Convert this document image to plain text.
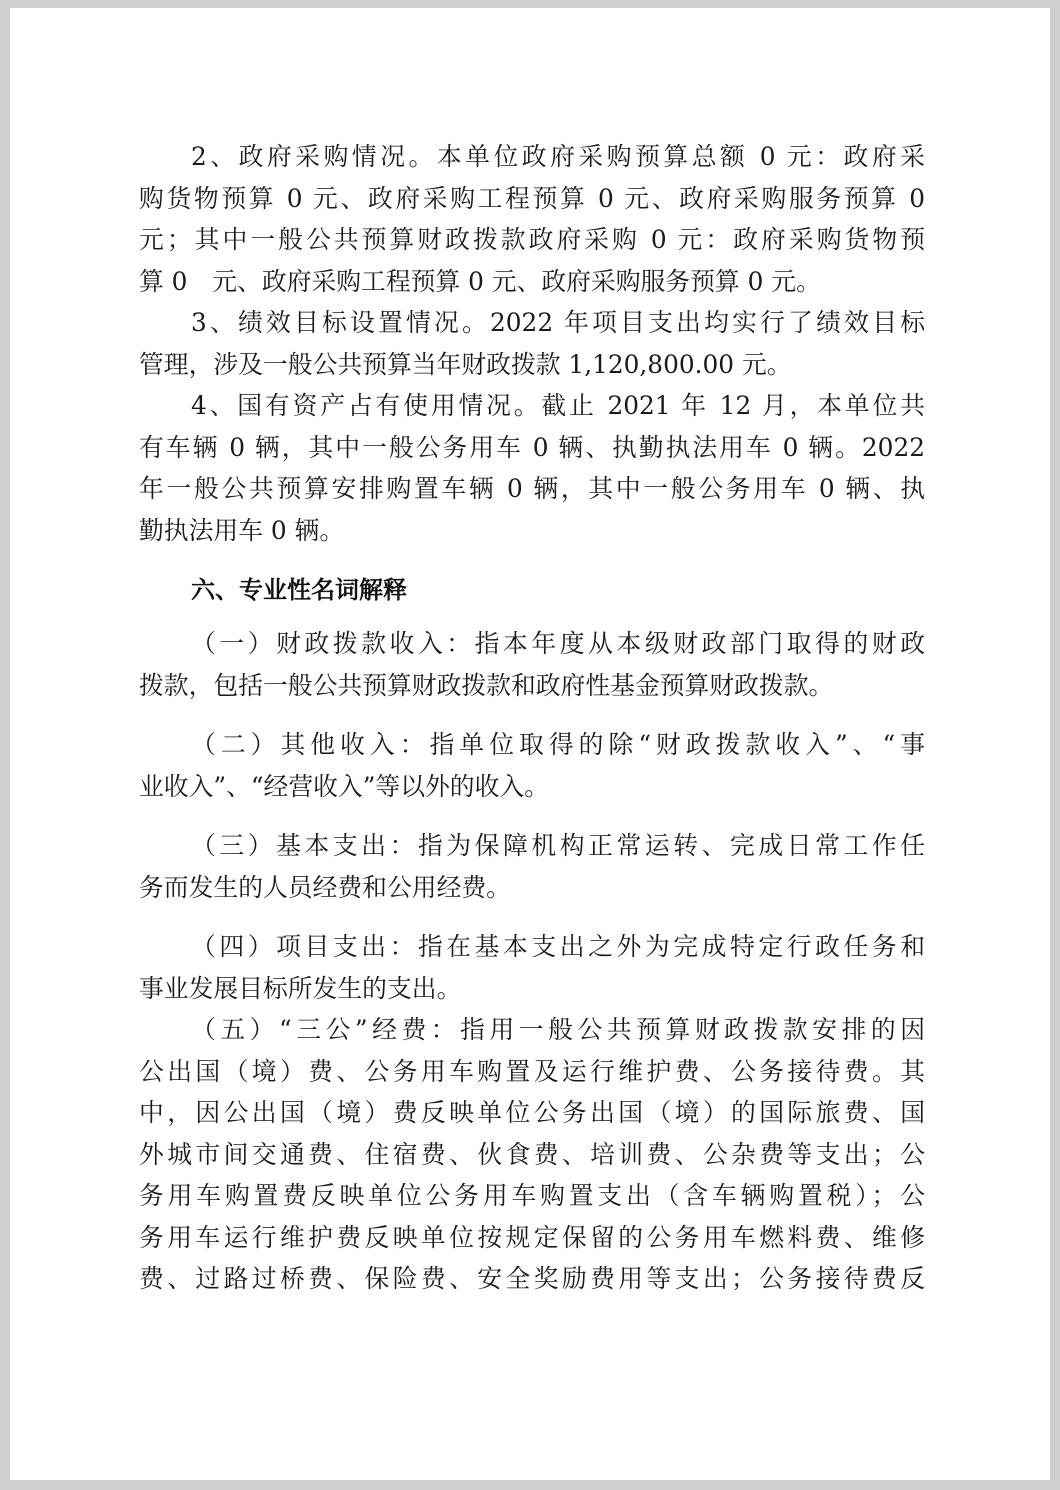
2、政府采购情况。本单位政府采购预算总额 0 元：政府采
购货物预算 0 元、政府采购工程预算 0 元、政府采购服务预算 0
元；其中一般公共预算财政拨款政府采购 0 元：政府采购货物预
算 0　元、政府采购工程预算 0 元、政府采购服务预算 0 元。
3、绩效目标设置情况。2022 年项目支出均实行了绩效目标
管理，涉及一般公共预算当年财政拨款 1,120,800.00 元。
4、国有资产占有使用情况。截止 2021 年 12 月，本单位共
有车辆 0 辆，其中一般公务用车 0 辆、执勤执法用车 0 辆。2022
年一般公共预算安排购置车辆 0 辆，其中一般公务用车 0 辆、执
勤执法用车 0 辆。
六、专业性名词解释
（一）财政拨款收入：指本年度从本级财政部门取得的财政
拨款，包括一般公共预算财政拨款和政府性基金预算财政拨款。
（二）其他收入：指单位取得的除“财政拨款收入”、“事
业收入”、“经营收入”等以外的收入。
（三）基本支出：指为保障机构正常运转、完成日常工作任
务而发生的人员经费和公用经费。
（四）项目支出：指在基本支出之外为完成特定行政任务和
事业发展目标所发生的支出。
（五）“三公”经费：指用一般公共预算财政拨款安排的因
公出国（境）费、公务用车购置及运行维护费、公务接待费。其
中，因公出国（境）费反映单位公务出国（境）的国际旅费、国
外城市间交通费、住宿费、伙食费、培训费、公杂费等支出；公
务用车购置费反映单位公务用车购置支出（含车辆购置税）；公
务用车运行维护费反映单位按规定保留的公务用车燃料费、维修
费、过路过桥费、保险费、安全奖励费用等支出；公务接待费反
